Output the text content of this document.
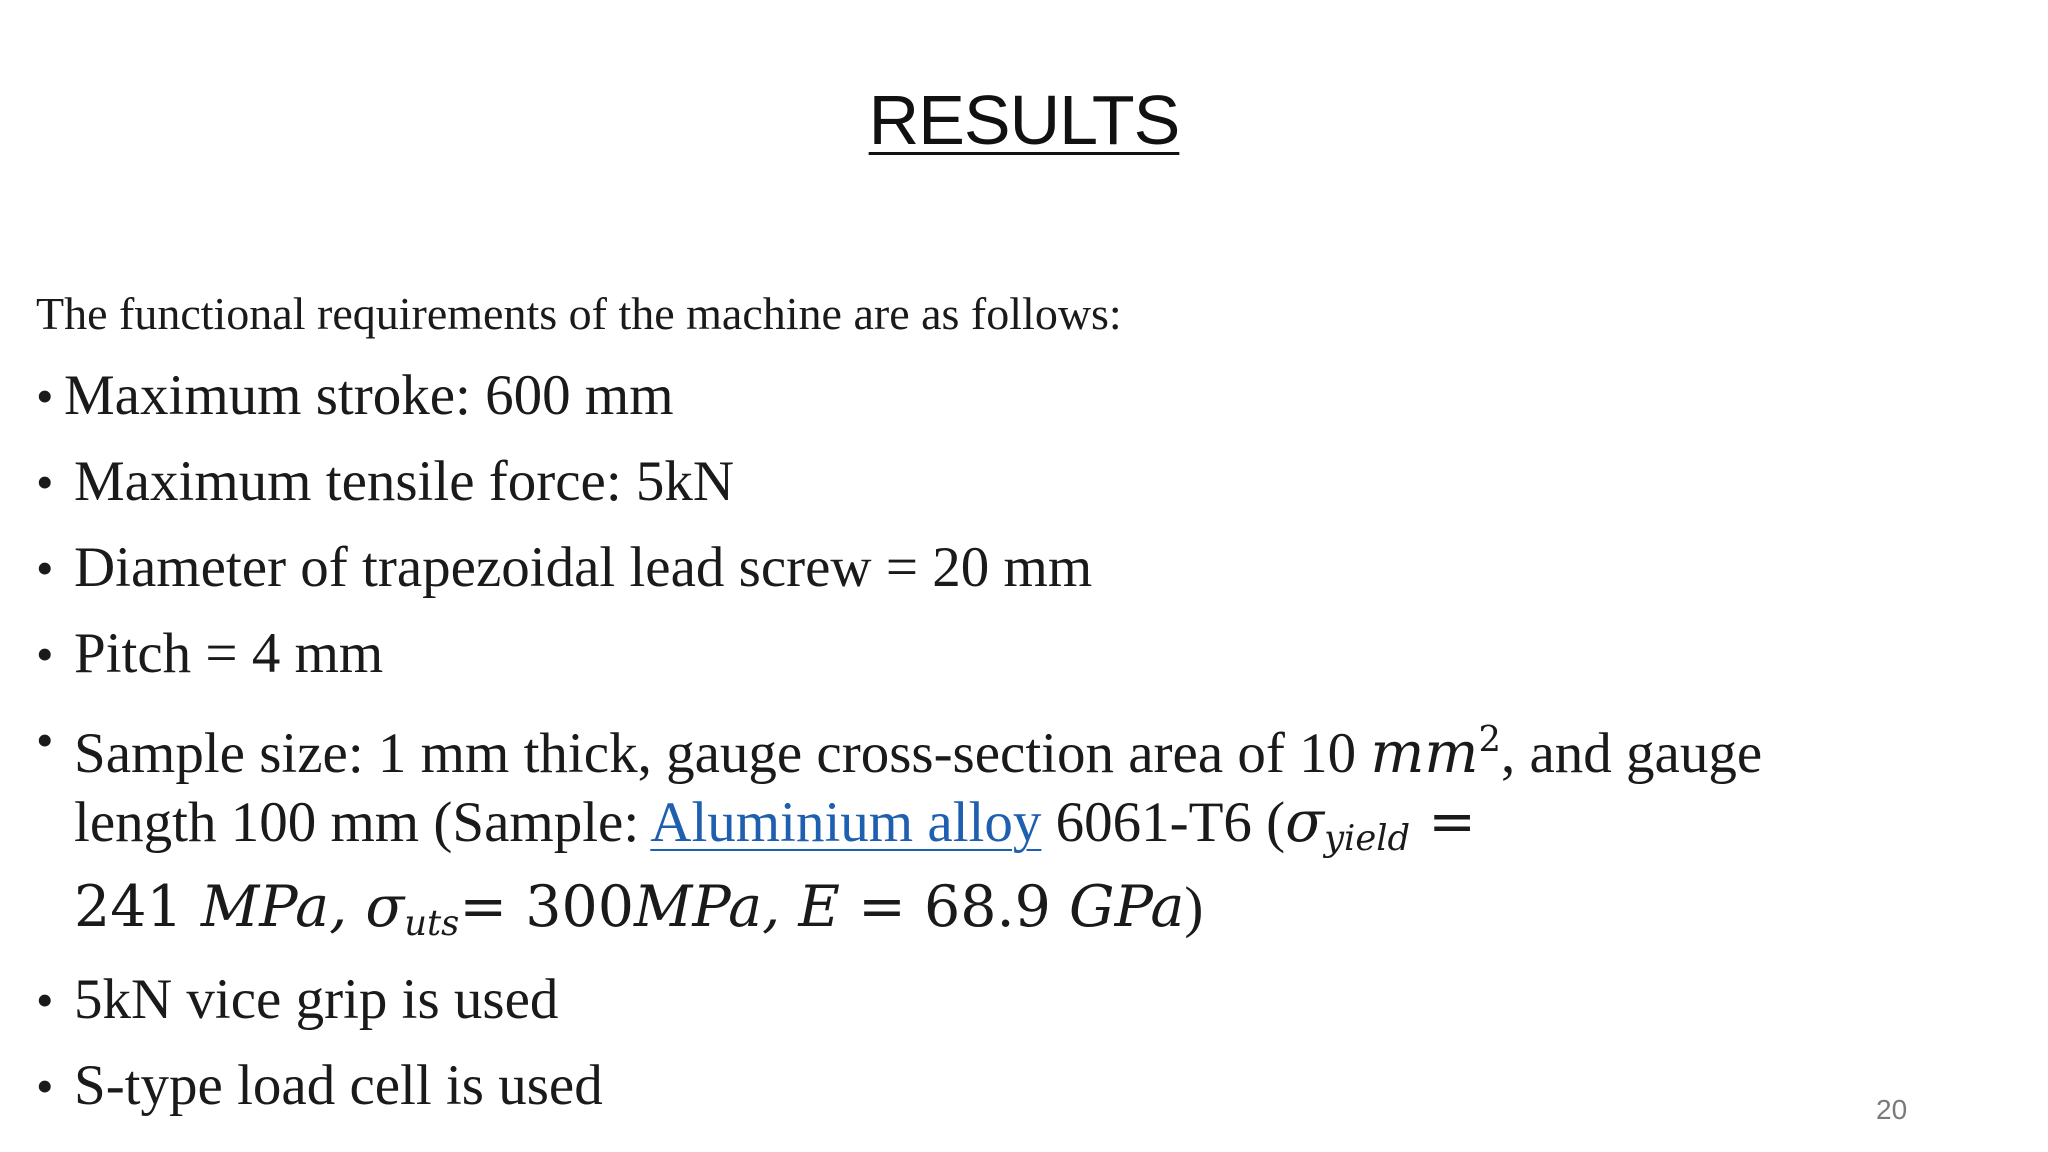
RESULTS
The functional requirements of the machine are as follows:
• Maximum stroke: 600 mm
• Maximum tensile force: 5kN
• Diameter of trapezoidal lead screw = 20 mm
• Pitch = 4 mm
• Sample size: 1 mm thick, gauge cross-section area of 10 $mm^2$, and gauge
length 100 mm (Sample: Aluminium alloy 6061-T6 ($\sigma_{yield}$ =
241 MPa, $\sigma_{uts}= 300MPa$, E = 68.9 GPa)
• 5kN vice grip is used
• S-type load cell is used	20
